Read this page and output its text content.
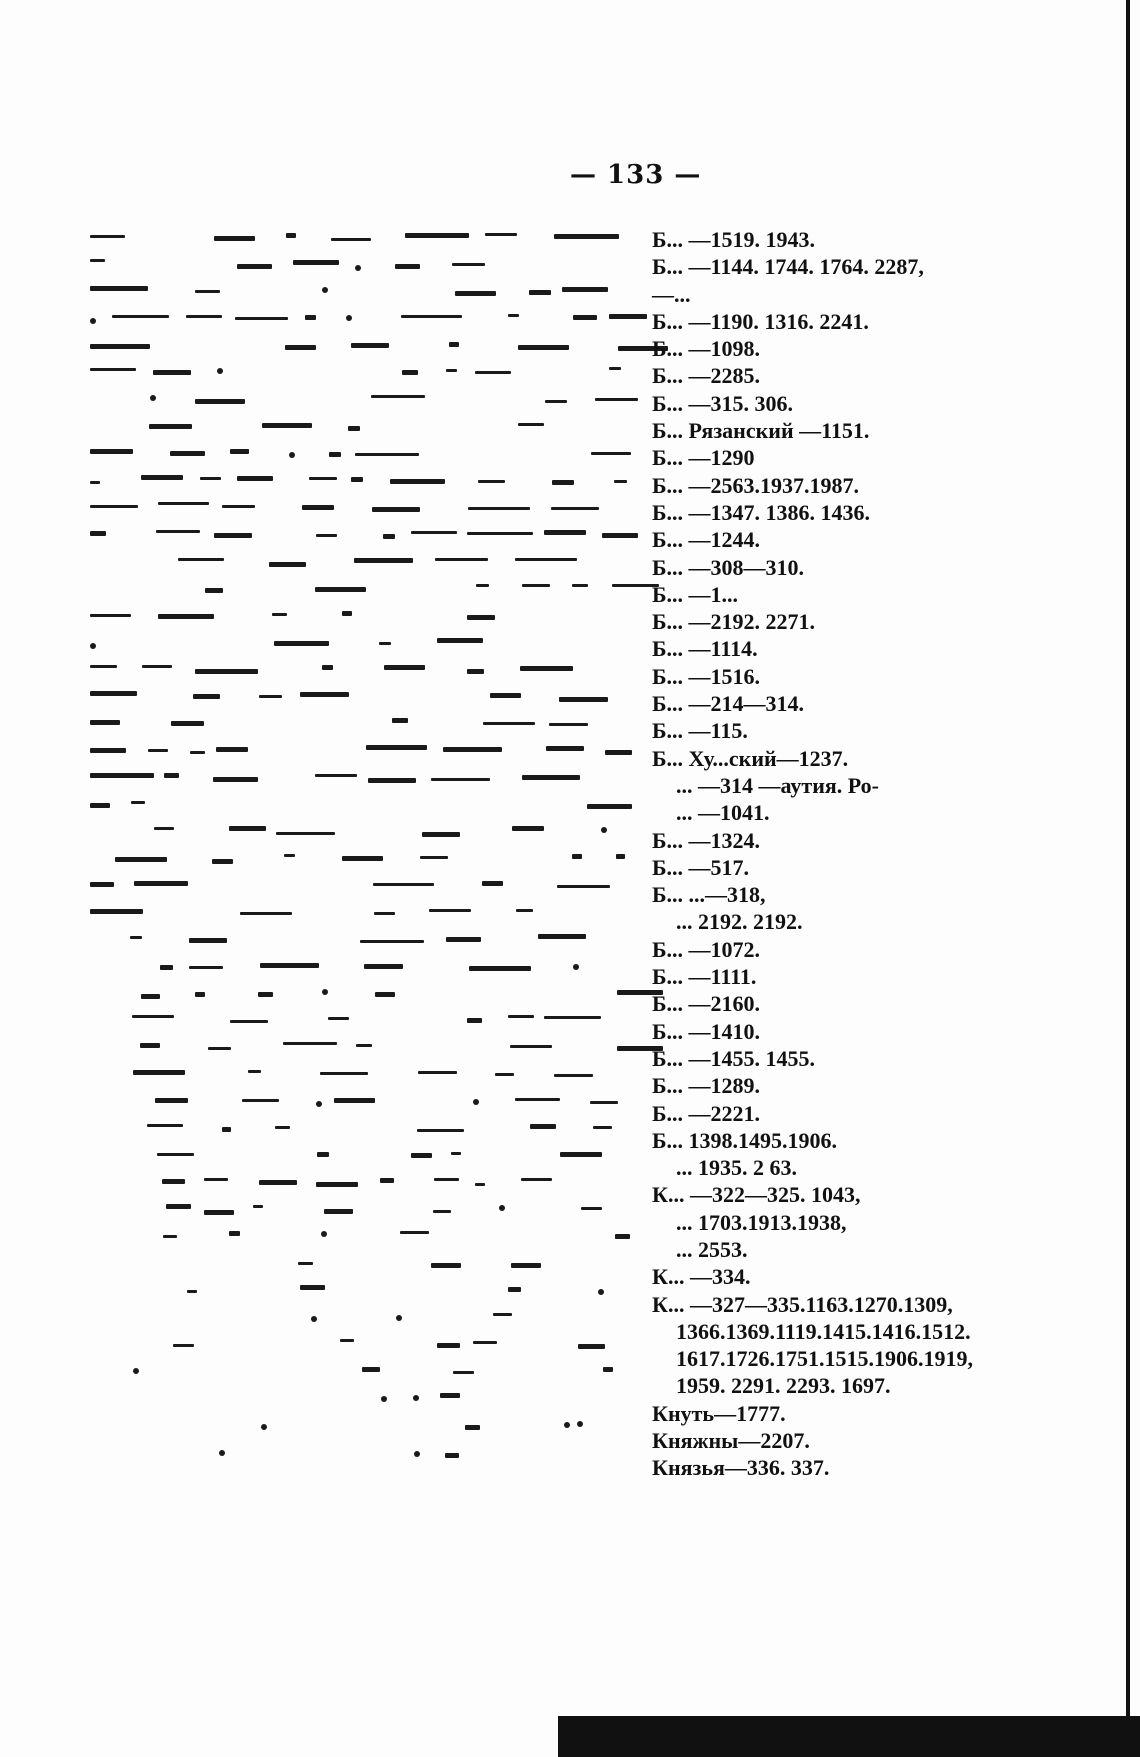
— 133 —
Б... —1519. 1943.
Б... —1144. 1744. 1764. 2287,
—...
Б... —1190. 1316. 2241.
Б... —1098.
Б... —2285.
Б... —315. 306.
Б... Рязанский —1151.
Б... —1290
Б... —2563.1937.1987.
Б... —1347. 1386. 1436.
Б... —1244.
Б... —308—310.
Б... —1...
Б... —2192. 2271.
Б... —1114.
Б... —1516.
Б... —214—314.
Б... —115.
Б... Ху...ский—1237.
... —314 —аутия. Ро-
... —1041.
Б... —1324.
Б... —517.
Б... ...—318,
... 2192. 2192.
Б... —1072.
Б... —1111.
Б... —2160.
Б... —1410.
Б... —1455. 1455.
Б... —1289.
Б... —2221.
Б... 1398.1495.1906.
... 1935. 2 63.
К... —322—325. 1043,
... 1703.1913.1938,
... 2553.
К... —334.
К... —327—335.1163.1270.1309,
1366.1369.1119.1415.1416.1512.
1617.1726.1751.1515.1906.1919,
1959. 2291. 2293. 1697.
Кнуть—1777.
Княжны—2207.
Князья—336. 337.
